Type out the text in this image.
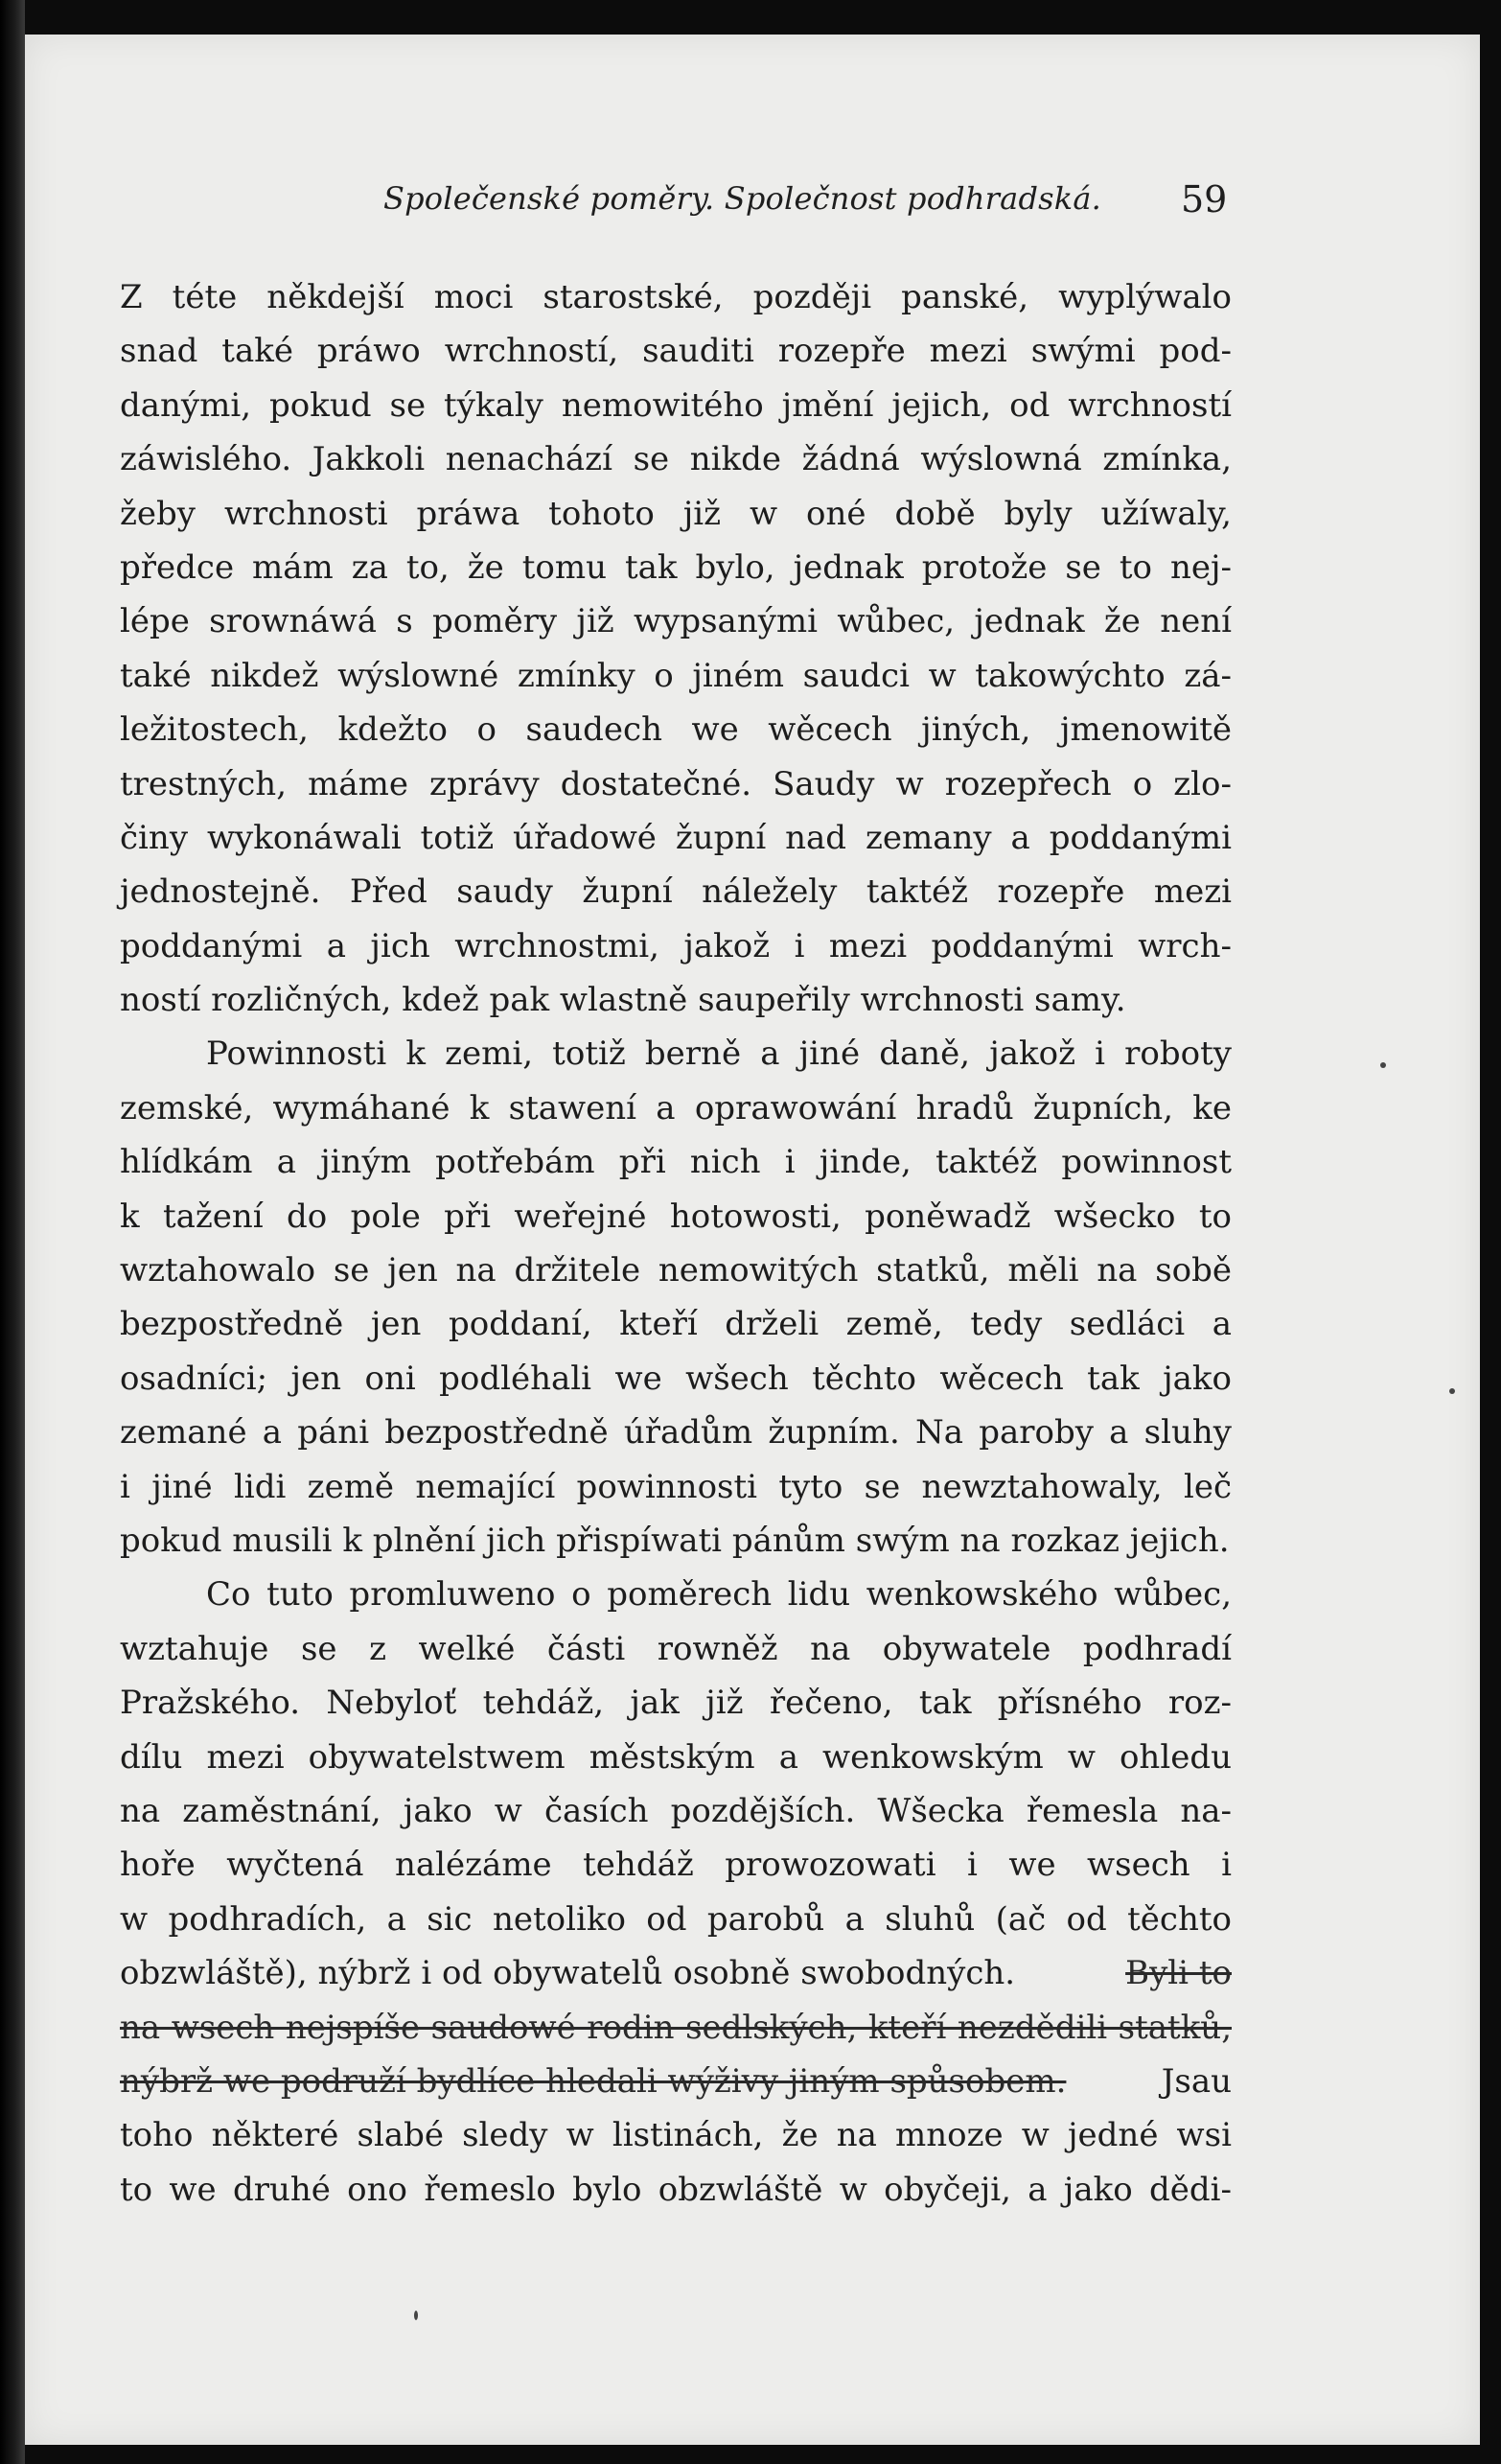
Společenské poměry. Společnost podhradská. 59
Z téte někdejší moci starostské, později panské, wyplýwalo
snad také práwo wrchností, sauditi rozepře mezi swými pod-
danými, pokud se týkaly nemowitého jmění jejich, od wrchností
záwislého. Jakkoli nenachází se nikde žádná wýslowná zmínka,
žeby wrchnosti práwa tohoto již w oné době byly užíwaly,
předce mám za to, že tomu tak bylo, jednak protože se to nej-
lépe srownáwá s poměry již wypsanými wůbec, jednak že není
také nikdež wýslowné zmínky o jiném saudci w takowýchto zá-
ležitostech, kdežto o saudech we wěcech jiných, jmenowitě
trestných, máme zprávy dostatečné. Saudy w rozepřech o zlo-
činy wykonáwali totiž úřadowé župní nad zemany a poddanými
jednostejně. Před saudy župní náležely taktéž rozepře mezi
poddanými a jich wrchnostmi, jakož i mezi poddanými wrch-
ností rozličných, kdež pak wlastně saupeřily wrchnosti samy.
Powinnosti k zemi, totiž berně a jiné daně, jakož i roboty
zemské, wymáhané k stawení a oprawowání hradů župních, ke
hlídkám a jiným potřebám při nich i jinde, taktéž powinnost
k tažení do pole při weřejné hotowosti, poněwadž wšecko to
wztahowalo se jen na držitele nemowitých statků, měli na sobě
bezpostředně jen poddaní, kteří drželi země, tedy sedláci a
osadníci; jen oni podléhali we wšech těchto wěcech tak jako
zemané a páni bezpostředně úřadům župním. Na paroby a sluhy
i jiné lidi země nemající powinnosti tyto se newztahowaly, leč
pokud musili k plnění jich přispíwati pánům swým na rozkaz jejich.
Co tuto promluweno o poměrech lidu wenkowského wůbec,
wztahuje se z welké části rowněž na obywatele podhradí
Pražského. Nebyloť tehdáž, jak již řečeno, tak přísného roz-
dílu mezi obywatelstwem městským a wenkowským w ohledu
na zaměstnání, jako w časích pozdějších. Wšecka řemesla na-
hoře wyčtená nalézáme tehdáž prowozowati i we wsech i
w podhradích, a sic netoliko od parobů a sluhů (ač od těchto
obzwláště), nýbrž i od obywatelů osobně swobodných.	Byli to
na wsech nejspíše saudowé rodin sedlských, kteří nezdědili statků,
nýbrž we podruží bydlíce hledali wýživy jiným spůsobem.	Jsau
toho některé slabé sledy w listinách, že na mnoze w jedné wsi
to we druhé ono řemeslo bylo obzwláště w obyčeji, a jako dědi-
